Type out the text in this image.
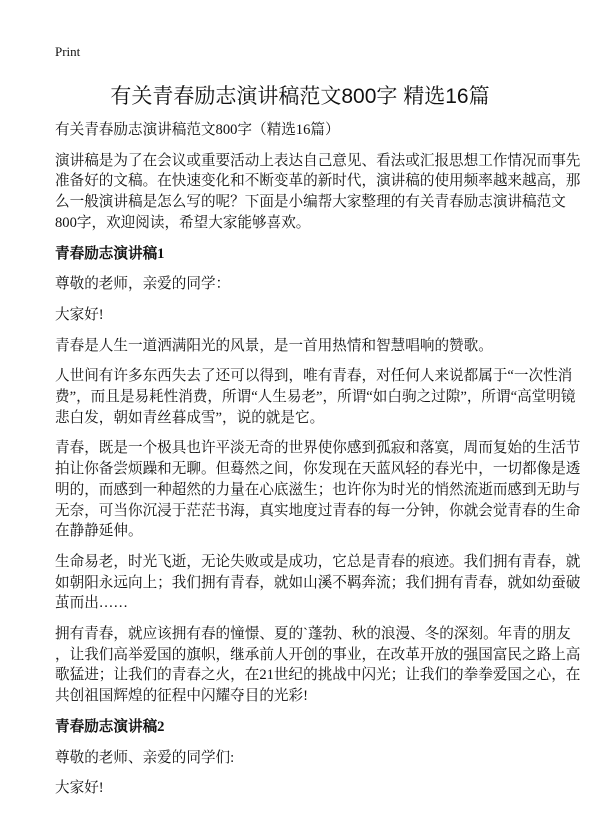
Print
有关青春励志演讲稿范文800字 精选16篇

有关青春励志演讲稿范文800字（精选16篇）

演讲稿是为了在会议或重要活动上表达自己意见、看法或汇报思想工作情况而事先
准备好的文稿。在快速变化和不断变革的新时代，演讲稿的使用频率越来越高，那
么一般演讲稿是怎么写的呢？下面是小编帮大家整理的有关青春励志演讲稿范文
800字，欢迎阅读，希望大家能够喜欢。

青春励志演讲稿1

尊敬的老师，亲爱的同学：

大家好!

青春是人生一道洒满阳光的风景，是一首用热情和智慧唱响的赞歌。

人世间有许多东西失去了还可以得到，唯有青春，对任何人来说都属于“一次性消
费”，而且是易耗性消费，所谓“人生易老”，所谓“如白驹之过隙”，所谓“高堂明镜
悲白发，朝如青丝暮成雪”，说的就是它。

青春，既是一个极具也许平淡无奇的世界使你感到孤寂和落寞，周而复始的生活节
拍让你备尝烦躁和无聊。但蓦然之间，你发现在天蓝风轻的春光中，一切都像是透
明的，而感到一种超然的力量在心底滋生；也许你为时光的悄然流逝而感到无助与
无奈，可当你沉浸于茫茫书海，真实地度过青春的每一分钟，你就会觉青春的生命
在静静延伸。

生命易老，时光飞逝，无论失败或是成功，它总是青春的痕迹。我们拥有青春，就
如朝阳永远向上；我们拥有青春，就如山溪不羁奔流；我们拥有青春，就如幼蚕破
茧而出……

拥有青春，就应该拥有春的憧憬、夏的`蓬勃、秋的浪漫、冬的深刻。年青的朋友
，让我们高举爱国的旗帜，继承前人开创的事业，在改革开放的强国富民之路上高
歌猛进；让我们的青春之火，在21世纪的挑战中闪光；让我们的拳拳爱国之心，在
共创祖国辉煌的征程中闪耀夺目的光彩!

青春励志演讲稿2

尊敬的老师、亲爱的同学们:

大家好!
